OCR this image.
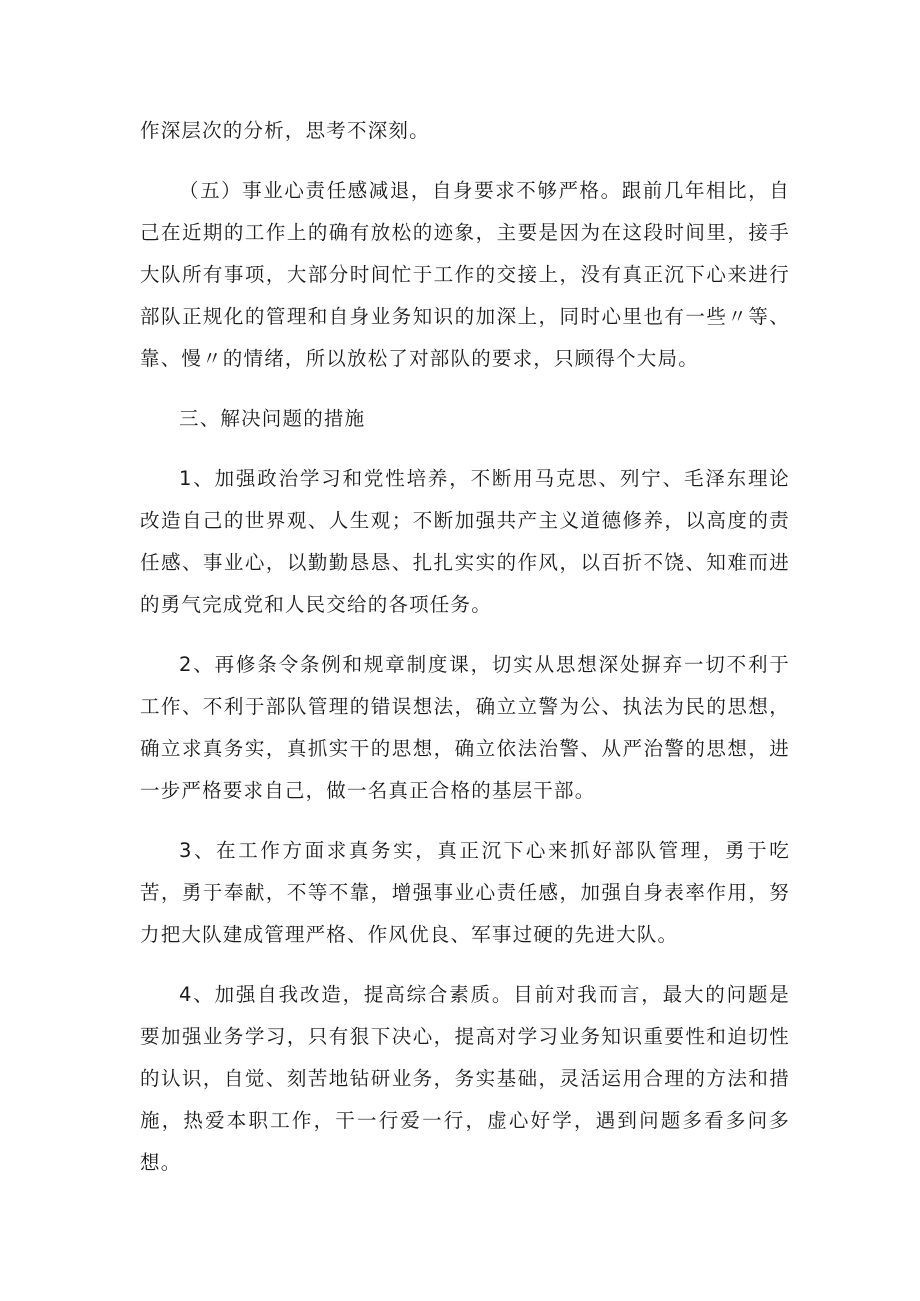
作深层次的分析，思考不深刻。

（五）事业心责任感减退，自身要求不够严格。跟前几年相比，自己在近期的工作上的确有放松的迹象，主要是因为在这段时间里，接手大队所有事项，大部分时间忙于工作的交接上，没有真正沉下心来进行部队正规化的管理和自身业务知识的加深上，同时心里也有一些〃等、靠、慢〃的情绪，所以放松了对部队的要求，只顾得个大局。

三、解决问题的措施

1、加强政治学习和党性培养，不断用马克思、列宁、毛泽东理论改造自己的世界观、人生观；不断加强共产主义道德修养，以高度的责任感、事业心，以勤勤恳恳、扎扎实实的作风，以百折不饶、知难而进的勇气完成党和人民交给的各项任务。

2、再修条令条例和规章制度课，切实从思想深处摒弃一切不利于工作、不利于部队管理的错误想法，确立立警为公、执法为民的思想，确立求真务实，真抓实干的思想，确立依法治警、从严治警的思想，进一步严格要求自己，做一名真正合格的基层干部。

3、在工作方面求真务实，真正沉下心来抓好部队管理，勇于吃苦，勇于奉献，不等不靠，增强事业心责任感，加强自身表率作用，努力把大队建成管理严格、作风优良、军事过硬的先进大队。

4、加强自我改造，提高综合素质。目前对我而言，最大的问题是要加强业务学习，只有狠下决心，提高对学习业务知识重要性和迫切性的认识，自觉、刻苦地钻研业务，务实基础，灵活运用合理的方法和措施，热爱本职工作，干一行爱一行，虚心好学，遇到问题多看多问多想。
